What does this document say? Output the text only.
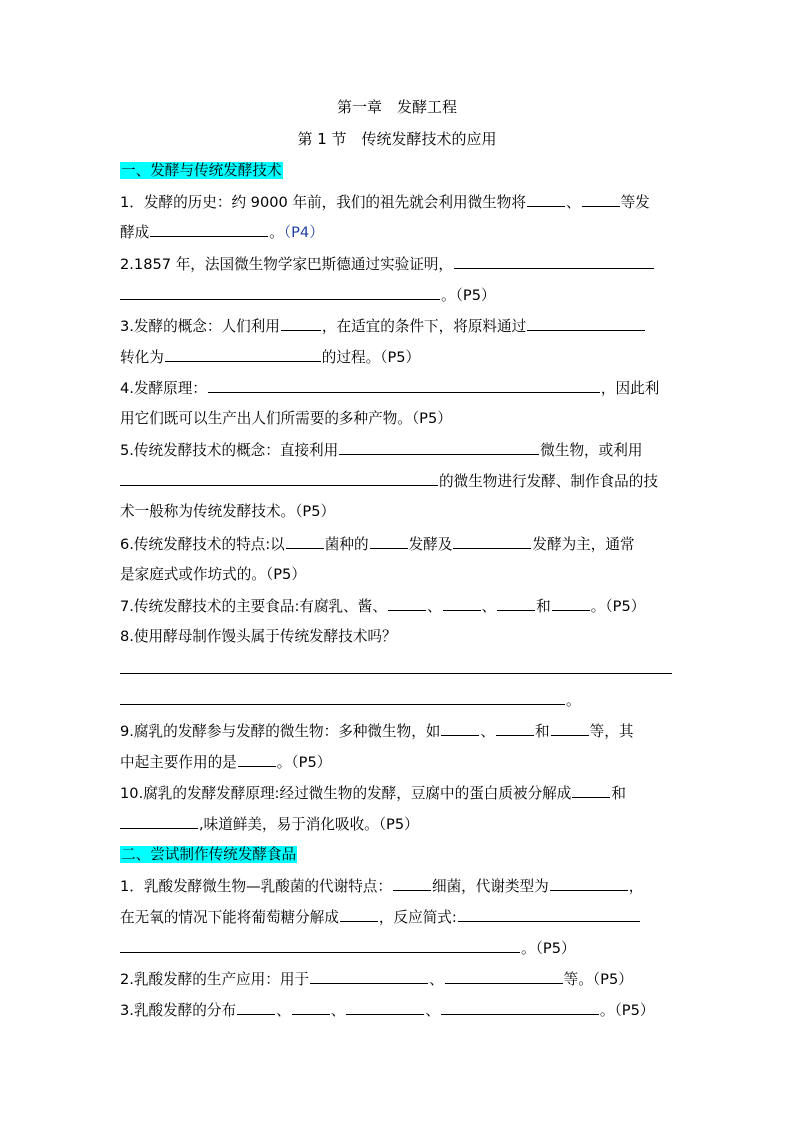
第一章　发酵工程
第 1 节　传统发酵技术的应用
一、发酵与传统发酵技术
1．发酵的历史：约 9000 年前，我们的祖先就会利用微生物将	、	等发
酵成	。（P4）
2.1857 年，法国微生物学家巴斯德通过实验证明，
。（P5）
3.发酵的概念：人们利用	，在适宜的条件下，将原料通过
转化为	的过程。（P5）
4.发酵原理：	，因此利
用它们既可以生产出人们所需要的多种产物。（P5）
5.传统发酵技术的概念：直接利用	微生物，或利用
的微生物进行发酵、制作食品的技
术一般称为传统发酵技术。（P5）
6.传统发酵技术的特点:以	菌种的	发酵及	发酵为主，通常
是家庭式或作坊式的。（P5）
7.传统发酵技术的主要食品:有腐乳、酱、	、	、	和	。（P5）
8.使用酵母制作馒头属于传统发酵技术吗？
。
9.腐乳的发酵参与发酵的微生物：多种微生物，如	、	和	等，其
中起主要作用的是	。（P5）
10.腐乳的发酵发酵原理:经过微生物的发酵，豆腐中的蛋白质被分解成	和
,味道鲜美，易于消化吸收。（P5）
二、尝试制作传统发酵食品
1．乳酸发酵微生物—乳酸菌的代谢特点：	细菌，代谢类型为	，
在无氧的情况下能将葡萄糖分解成	，反应简式:
。（P5）
2.乳酸发酵的生产应用：用于	、	等。（P5）
3.乳酸发酵的分布	、	、	、	。（P5）
